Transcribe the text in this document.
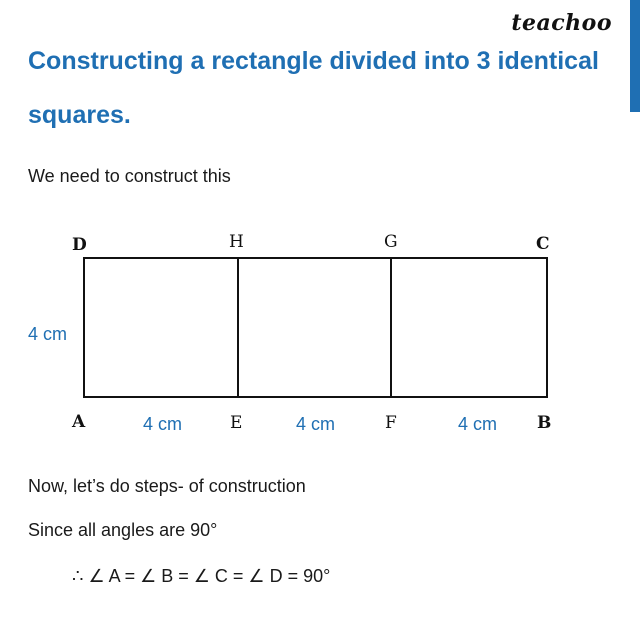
teachoo
Constructing a rectangle divided into 3 identical squares.

We need to construct this

D	H	G	C
A	E	F	B
4 cm
4 cm	4 cm	4 cm

Now, let’s do steps- of construction

Since all angles are 90°

∴ ∠ A = ∠ B = ∠ C = ∠ D = 90°
